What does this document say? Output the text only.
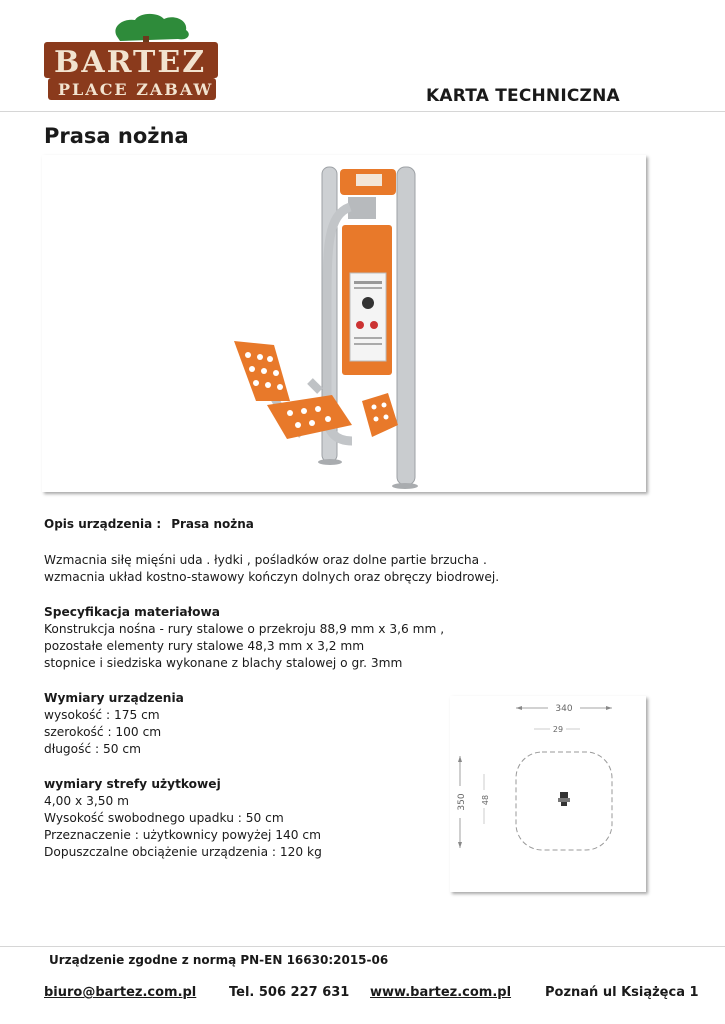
BARTEZ
PLACE ZABAW	KARTA TECHNICZNA
Prasa nożna
Opis urządzenia : Prasa nożna
Wzmacnia siłę mięśni uda . łydki , pośladków oraz dolne partie brzucha .
wzmacnia układ kostno-stawowy kończyn dolnych oraz obręczy biodrowej.
Specyfikacja materiałowa
Konstrukcja nośna - rury stalowe o przekroju 88,9 mm x 3,6 mm ,
pozostałe elementy rury stalowe 48,3 mm x 3,2 mm
stopnice i siedziska wykonane z blachy stalowej o gr. 3mm
Wymiary urządzenia
wysokość : 175 cm
szerokość : 100 cm
długość : 50 cm
wymiary strefy użytkowej
4,00 x 3,50 m
Wysokość swobodnego upadku : 50 cm
Przeznaczenie : użytkownicy powyżej 140 cm
Dopuszczalne obciążenie urządzenia : 120 kg
340
29
350 48
Urządzenie zgodne z normą PN-EN 16630:2015-06
biuro@bartez.com.pl	Tel. 506 227 631 www.bartez.com.pl	Poznań ul Książęca 1
